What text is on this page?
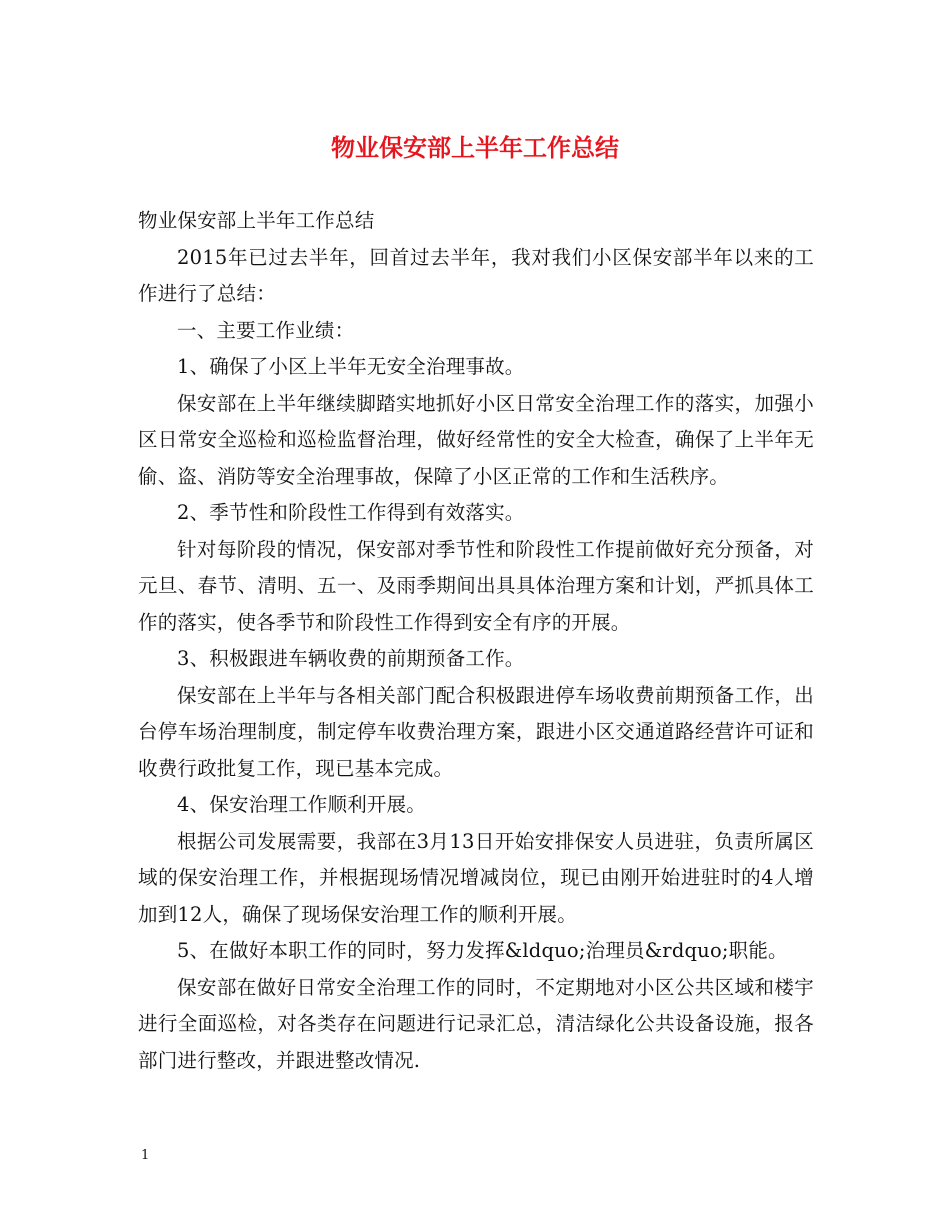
物业保安部上半年工作总结

物业保安部上半年工作总结

2015年已过去半年，回首过去半年，我对我们小区保安部半年以来的工作进行了总结：

一、主要工作业绩：

1、确保了小区上半年无安全治理事故。

保安部在上半年继续脚踏实地抓好小区日常安全治理工作的落实，加强小区日常安全巡检和巡检监督治理，做好经常性的安全大检查，确保了上半年无偷、盗、消防等安全治理事故，保障了小区正常的工作和生活秩序。

2、季节性和阶段性工作得到有效落实。

针对每阶段的情况，保安部对季节性和阶段性工作提前做好充分预备，对元旦、春节、清明、五一、及雨季期间出具具体治理方案和计划，严抓具体工作的落实，使各季节和阶段性工作得到安全有序的开展。

3、积极跟进车辆收费的前期预备工作。

保安部在上半年与各相关部门配合积极跟进停车场收费前期预备工作，出台停车场治理制度，制定停车收费治理方案，跟进小区交通道路经营许可证和收费行政批复工作，现已基本完成。

4、保安治理工作顺利开展。

根据公司发展需要，我部在3月13日开始安排保安人员进驻，负责所属区域的保安治理工作，并根据现场情况增减岗位，现已由刚开始进驻时的4人增加到12人，确保了现场保安治理工作的顺利开展。

5、在做好本职工作的同时，努力发挥&ldquo;治理员&rdquo;职能。

保安部在做好日常安全治理工作的同时，不定期地对小区公共区域和楼宇进行全面巡检，对各类存在问题进行记录汇总，清洁绿化公共设备设施，报各部门进行整改，并跟进整改情况.

1
